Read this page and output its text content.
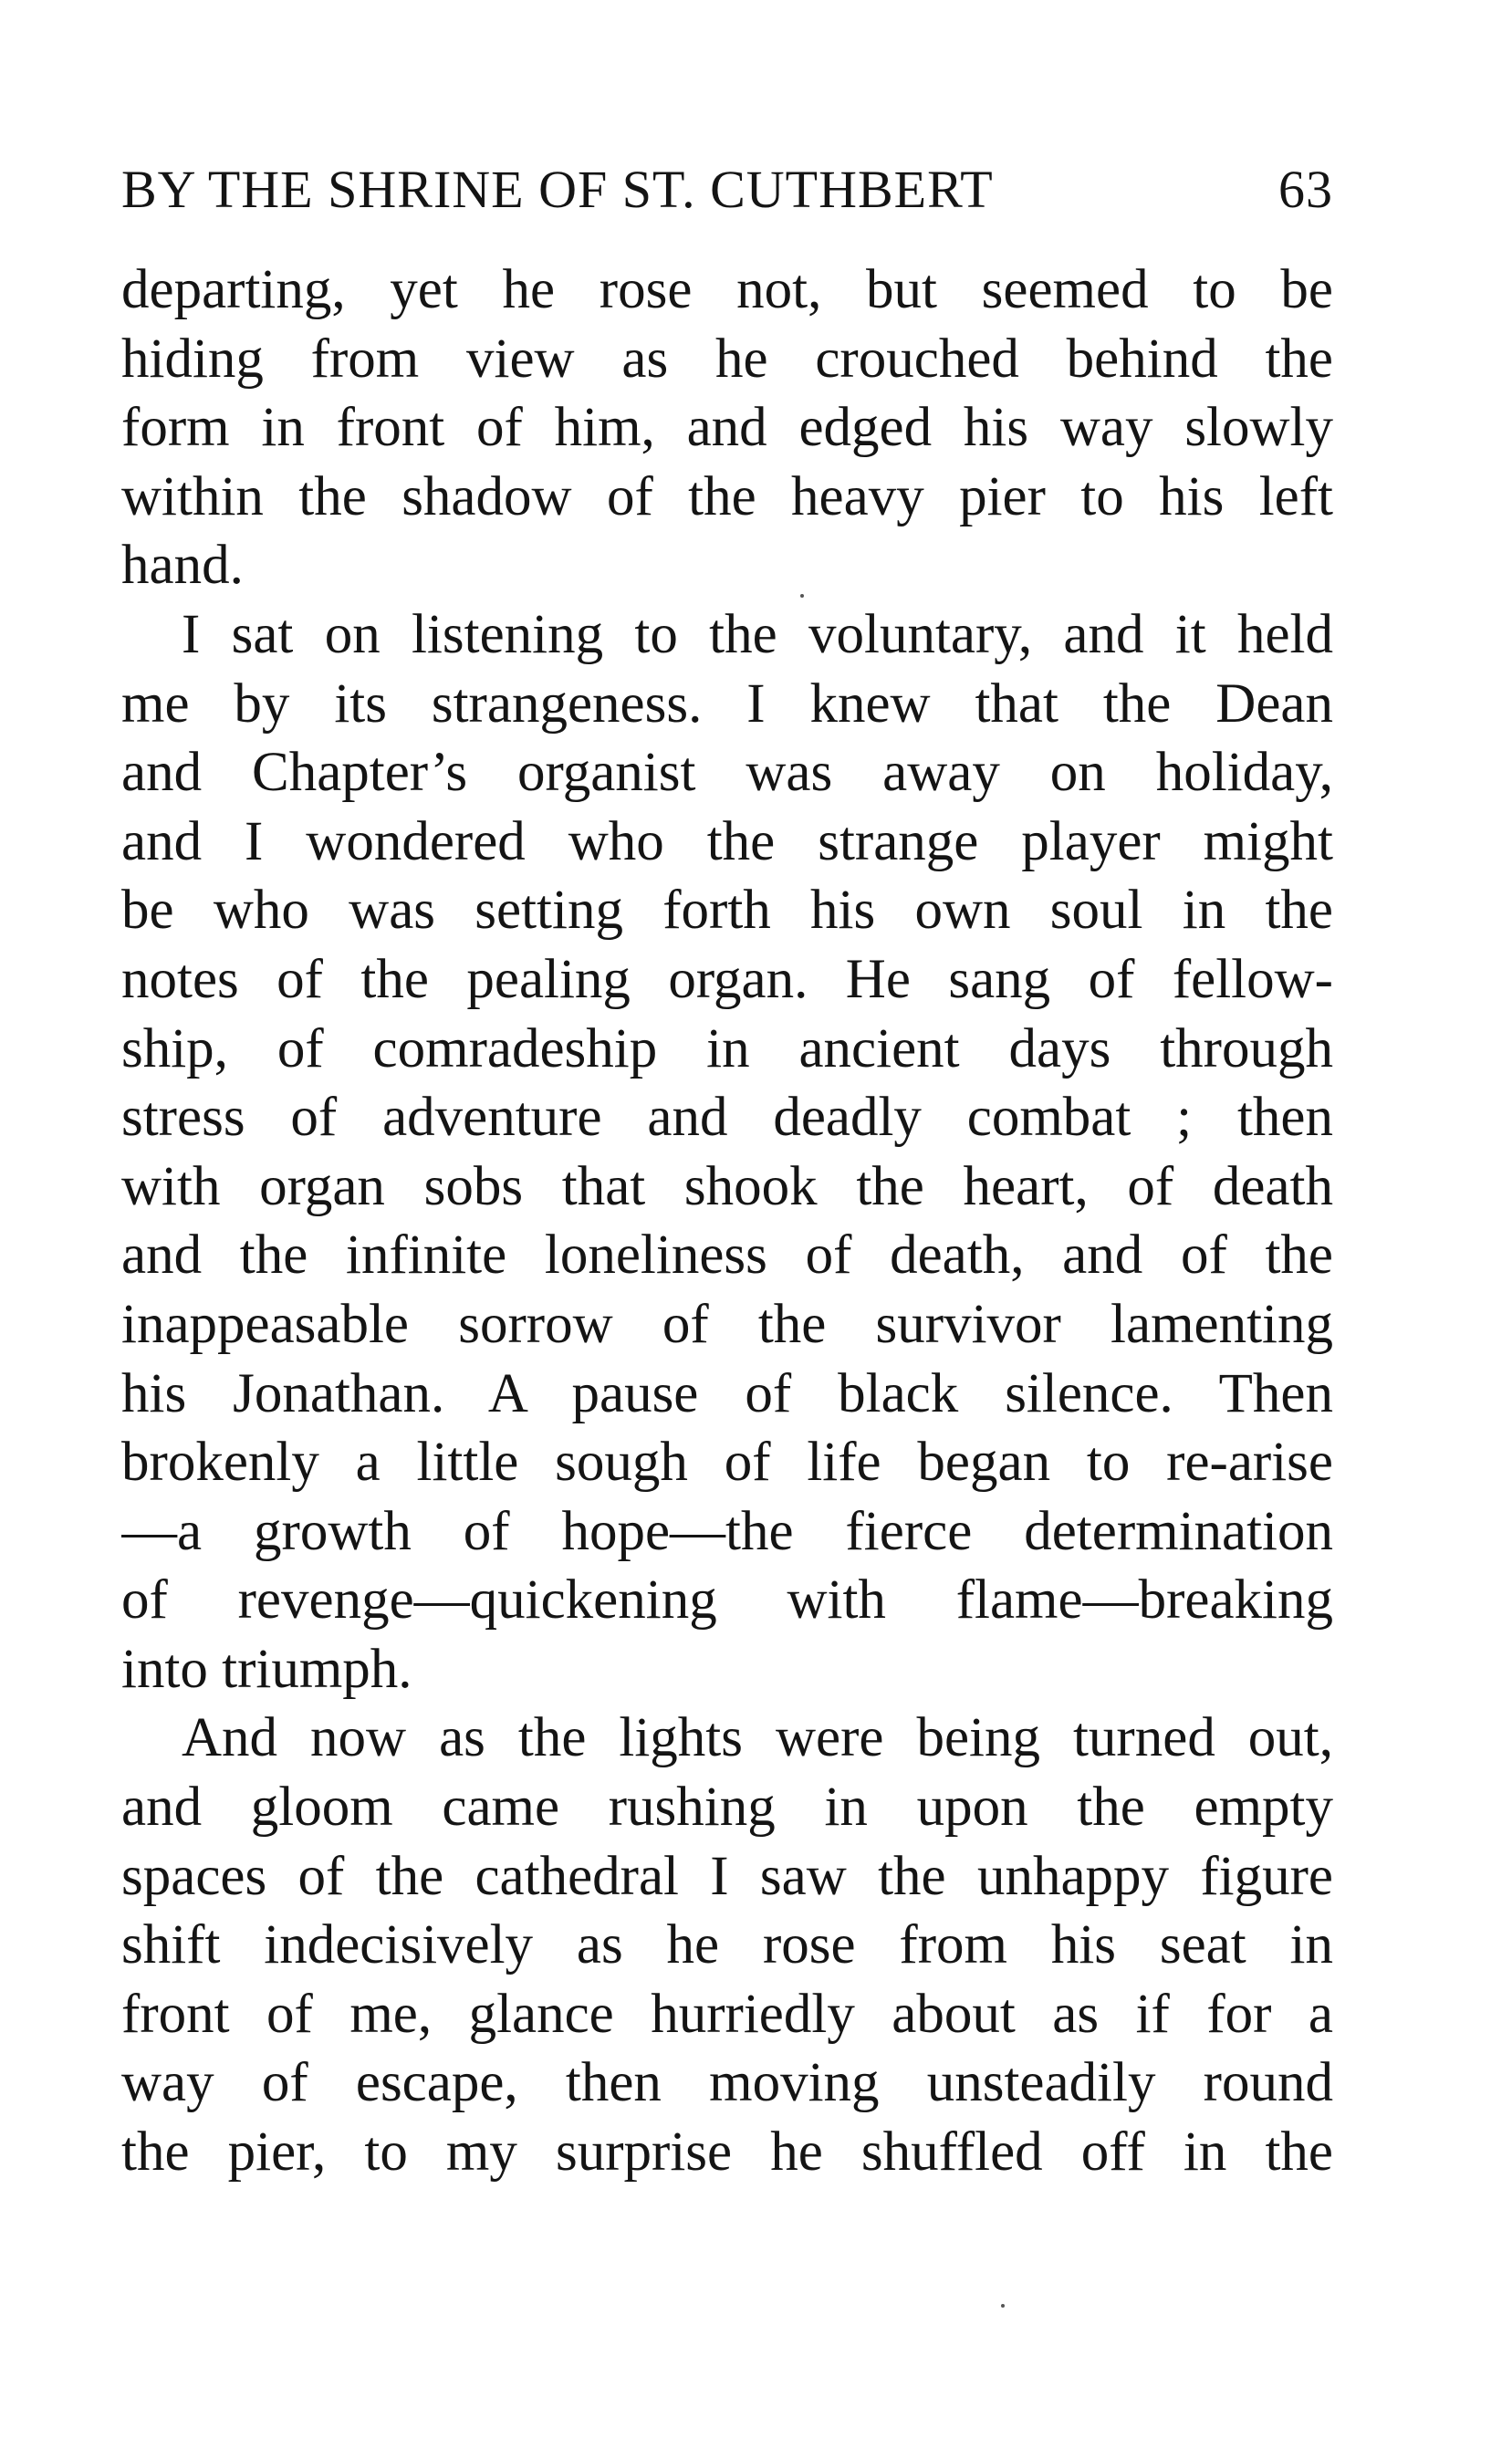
BY THE SHRINE OF ST. CUTHBERT	63
departing, yet he rose not, but seemed to be
hiding from view as he crouched behind the
form in front of him, and edged his way slowly
within the shadow of the heavy pier to his left
hand.
I sat on listening to the voluntary, and it held
me by its strangeness. I knew that the Dean
and Chapter’s organist was away on holiday,
and I wondered who the strange player might
be who was setting forth his own soul in the
notes of the pealing organ. He sang of fellow-
ship, of comradeship in ancient days through
stress of adventure and deadly combat ; then
with organ sobs that shook the heart, of death
and the infinite loneliness of death, and of the
inappeasable sorrow of the survivor lamenting
his Jonathan. A pause of black silence. Then
brokenly a little sough of life began to re-arise
—a growth of hope—the fierce determination
of revenge—quickening with flame—breaking
into triumph.
And now as the lights were being turned out,
and gloom came rushing in upon the empty
spaces of the cathedral I saw the unhappy figure
shift indecisively as he rose from his seat in
front of me, glance hurriedly about as if for a
way of escape, then moving unsteadily round
the pier, to my surprise he shuffled off in the
